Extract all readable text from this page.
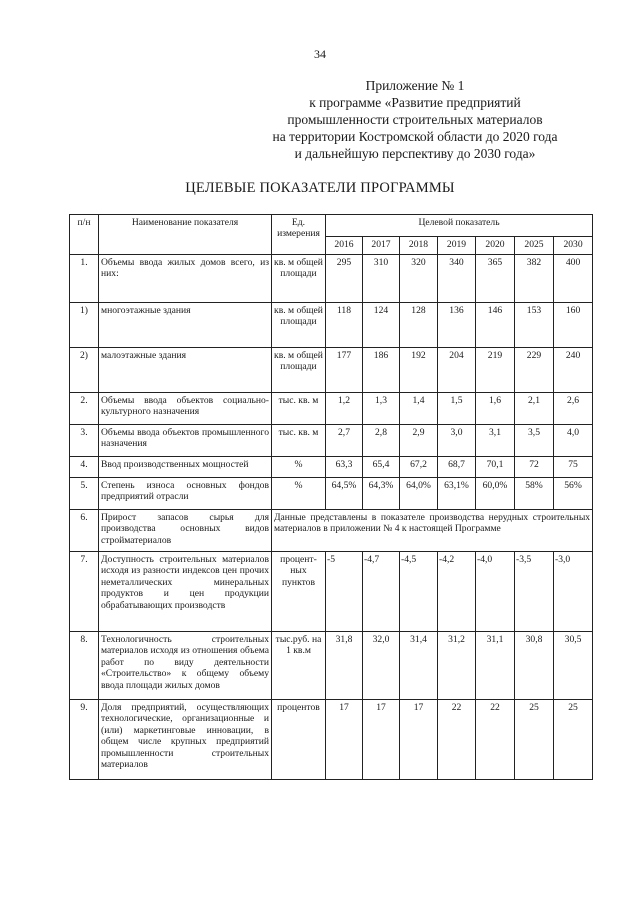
34
Приложение № 1
к программе «Развитие предприятий
промышленности строительных материалов
на территории Костромской области до 2020 года
и дальнейшую перспективу до 2030 года»
ЦЕЛЕВЫЕ ПОКАЗАТЕЛИ ПРОГРАММЫ
п/н	Наименование показателя	Ед. измерения	Целевой показатель						
			2016	2017	2018	2019	2020	2025	2030
1.	Объемы ввода жилых домов всего, из них:	кв. м общей площади	295	310	320	340	365	382	400
1)	многоэтажные здания	кв. м общей площади	118	124	128	136	146	153	160
2)	малоэтажные здания	кв. м общей площади	177	186	192	204	219	229	240
2.	Объемы ввода объектов социально-культурного назначения	тыс. кв. м	1,2	1,3	1,4	1,5	1,6	2,1	2,6
3.	Объемы ввода объектов промышленного назначения	тыс. кв. м	2,7	2,8	2,9	3,0	3,1	3,5	4,0
4.	Ввод производственных мощностей	%	63,3	65,4	67,2	68,7	70,1	72	75
5.	Степень износа основных фондов предприятий отрасли	%	64,5%	64,3%	64,0%	63,1%	60,0%	58%	56%
6.	Прирост запасов сырья для производства основных видов стройматериалов	Данные представлены в показателе производства нерудных строительных материалов в приложении № 4 к настоящей Программе							
7.	Доступность строительных материалов исходя из разности индексов цен прочих неметаллических минеральных продуктов и цен продукции обрабатывающих производств	процент-ных пунктов	-5	-4,7	-4,5	-4,2	-4,0	-3,5	-3,0
8.	Технологичность строительных материалов исходя из отношения объема работ по виду деятельности «Строительство» к общему объему ввода площади жилых домов	тыс.руб. на 1 кв.м	31,8	32,0	31,4	31,2	31,1	30,8	30,5
9.	Доля предприятий, осуществляющих технологические, организационные и (или) маркетинговые инновации, в общем числе крупных предприятий промышленности строительных материалов	процентов	17	17	17	22	22	25	25
